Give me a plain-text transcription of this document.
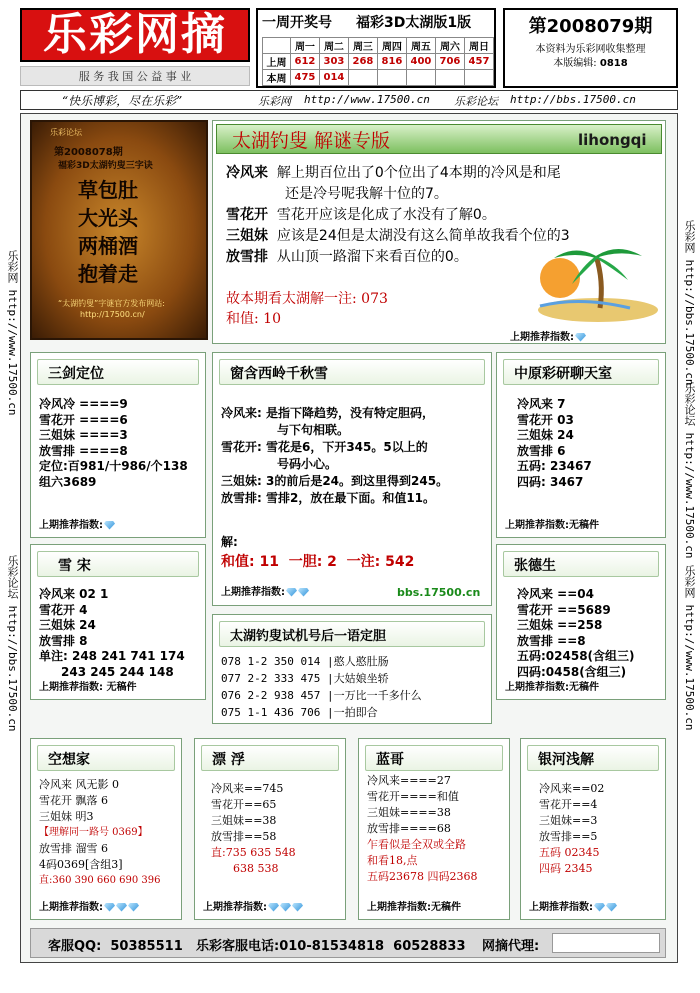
乐彩网摘
服 务 我 国 公 益 事 业
一周开奖号 福彩3D太湖版1版
	周一	周二	周三	周四	周五	周六	周日
上周	612	303	268	816	400	706	457
本周	475	014					
第2008079期
本资料为乐彩网收集整理
本版编辑: 0818
“快乐博彩，尽在乐彩”	乐彩网 http://www.17500.cn 乐彩论坛 http://bbs.17500.cn
乐彩网 http://www.17500.cn
乐彩论坛 http://bbs.17500.cn
乐彩网 http://bbs.17500.cn
乐彩论坛 http://www.17500.cn
乐彩网 http://www.17500.cn
乐彩论坛
第2008078期
福彩3D太湖钓叟三字诀
草包肚
大光头
两桶酒
抱着走
“太湖钓叟”字谜官方发布网站:
http://17500.cn/
太湖钓叟 解谜专版	lihongqi
冷风来 解上期百位出了0个位出了4本期的冷风是和尾
还是冷号呢我解十位的7。
雪花开 雪花开应该是化成了水没有了解0。
三姐妹 应该是24但是太湖没有这么简单故我看个位的3
放雪排 从山顶一路溜下来看百位的0。
故本期看太湖解一注: 073
和值: 10
上期推荐指数:
三剑定位
冷风冷 ====9
雪花开 ====6
三姐妹 ====3
放雪排 ====8
定位:百981/十986/个138
组六3689
上期推荐指数:
窗含西岭千秋雪
冷风来: 是指下降趋势，没有特定胆码，
与下句相联。
雪花开: 雪花是6，下开345。5以上的
号码小心。
三姐妹: 3的前后是24。到这里得到245。
放雪排: 雪排2，放在最下面。和值11。
解:
和值: 11  一胆: 2  一注: 542
上期推荐指数:	bbs.17500.cn
中原彩研聊天室
冷风来 7
雪花开 03
三姐妹 24
放雪排 6
五码: 23467
四码: 3467
上期推荐指数:无稿件
雪 宋
冷风来 02 1
雪花开 4
三姐妹 24
放雪排 8
单注: 248 241 741 174
243 245 244 148
上期推荐指数: 无稿件
太湖钓叟试机号后一语定胆
078 1-2 350 014 |憨人憨肚肠
077 2-2 333 475 |大姑娘坐轿
076 2-2 938 457 |一万比一千多什么
075 1-1 436 706 |一拍即合
张德生
冷风来 ==04
雪花开 ==5689
三姐妹 ==258
放雪排 ==8
五码:02458(含组三)
四码:0458(含组三)
上期推荐指数:无稿件
空想家
冷风来 风无影 0
雪花开 飘落 6
三姐妹 明3
【理解同一路号 0369】
放雪排 溜雪 6
4码0369[含组3]
直:360 390 660 690 396
上期推荐指数:
漂 浮
冷风来==745
雪花开==65
三姐妹==38
放雪排==58
直:735 635 548
638 538
上期推荐指数:
蓝哥
冷风来====27
雪花开====和值
三姐妹====38
放雪排====68
乍看似是全双或全路
和看18,点
五码23678 四码2368
上期推荐指数:无稿件
银河浅解
冷风来==02
雪花开==4
三姐妹==3
放雪排==5
五码 02345
四码 2345
上期推荐指数:
客服QQ: 50385511 乐彩客服电话:010-81534818  60528833 网摘代理:
